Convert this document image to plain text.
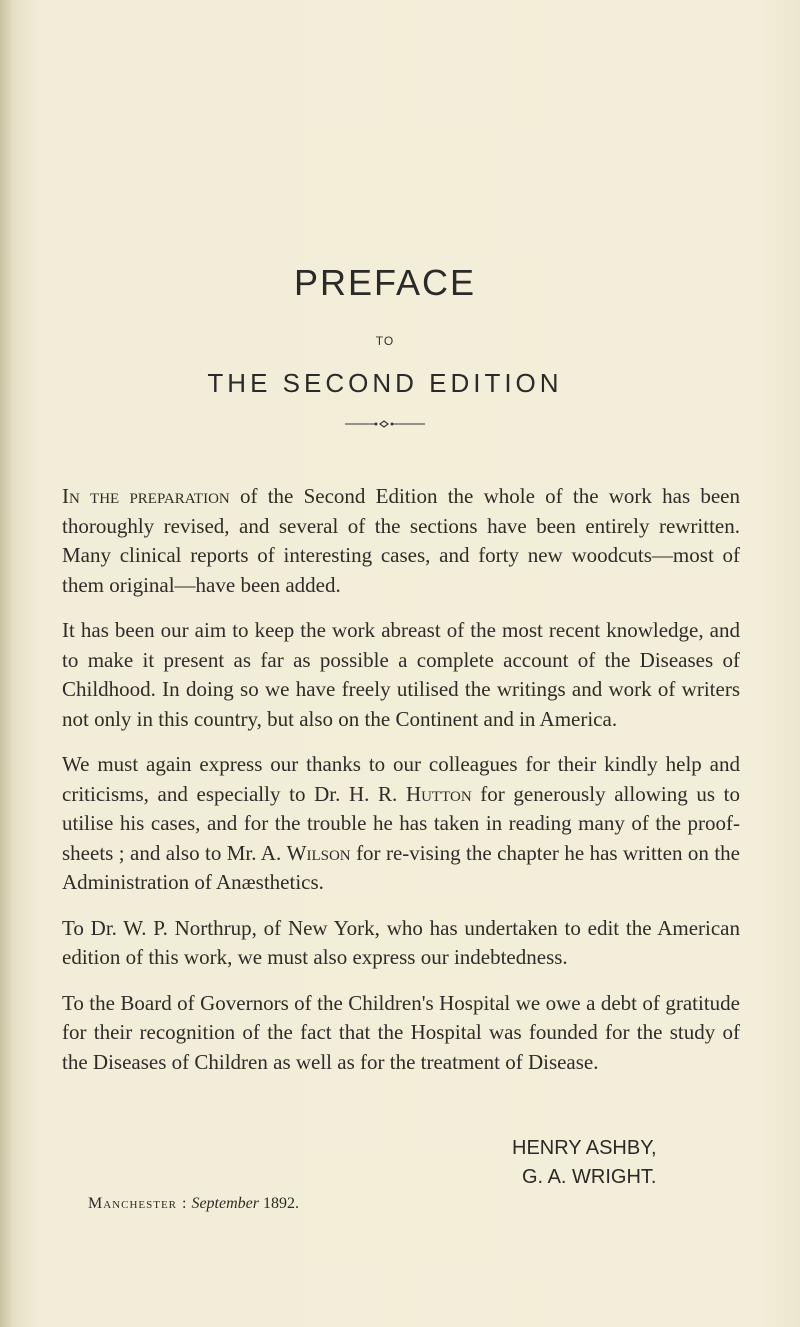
PREFACE
TO
THE SECOND EDITION

In the preparation of the Second Edition the whole of the work has been thoroughly revised, and several of the sections have been entirely rewritten. Many clinical reports of interesting cases, and forty new woodcuts—most of them original—have been added.

It has been our aim to keep the work abreast of the most recent knowledge, and to make it present as far as possible a complete account of the Diseases of Childhood. In doing so we have freely utilised the writings and work of writers not only in this country, but also on the Continent and in America.

We must again express our thanks to our colleagues for their kindly help and criticisms, and especially to Dr. H. R. Hutton for generously allowing us to utilise his cases, and for the trouble he has taken in reading many of the proof-sheets ; and also to Mr. A. Wilson for re-vising the chapter he has written on the Administration of Anæsthetics.

To Dr. W. P. Northrup, of New York, who has undertaken to edit the American edition of this work, we must also express our indebtedness.

To the Board of Governors of the Children's Hospital we owe a debt of gratitude for their recognition of the fact that the Hospital was founded for the study of the Diseases of Children as well as for the treatment of Disease.

HENRY ASHBY,
G. A. WRIGHT.
Manchester : September 1892.
